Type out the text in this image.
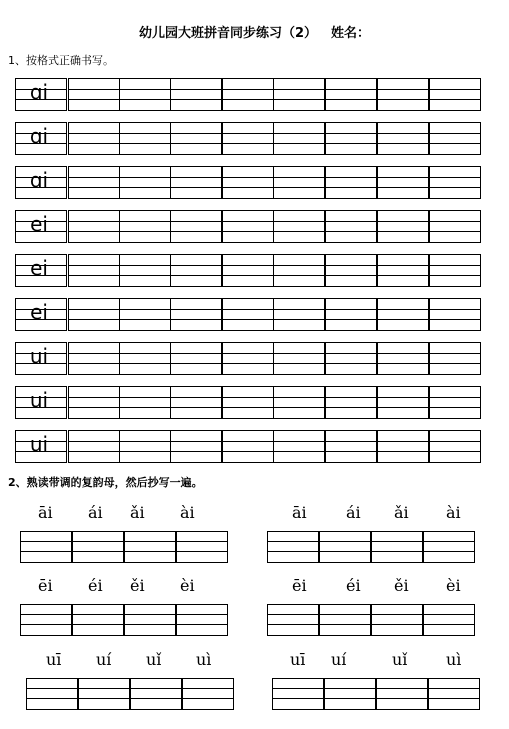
幼儿园大班拼音同步练习（2） 姓名：
1、按格式正确书写。
ɑi
ɑi
ɑi
ei
ei
ei
ui
ui
ui
2、熟读带调的复韵母，然后抄写一遍。
āi ái ǎi ài	āi ái ǎi ài
ēi éi ěi èi	ēi éi ěi èi
uī uí uǐ uì	uī uí	uǐ uì
